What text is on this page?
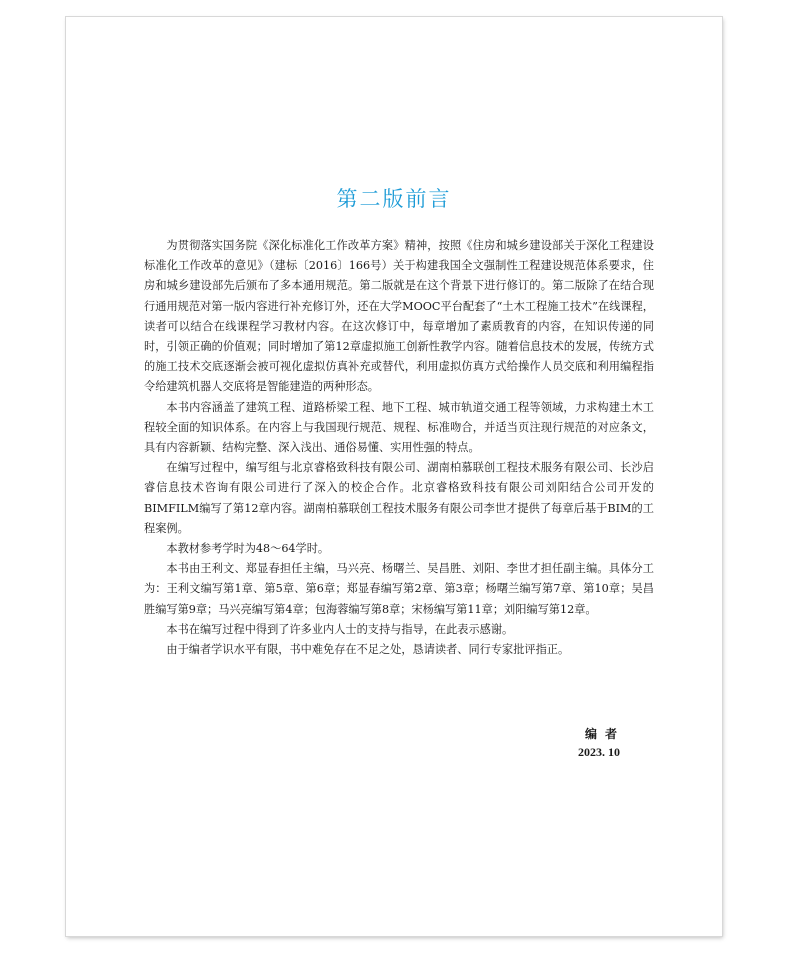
第二版前言

为贯彻落实国务院《深化标准化工作改革方案》精神，按照《住房和城乡建设部关于深化工程建设标准化工作改革的意见》（建标〔2016〕166号）关于构建我国全文强制性工程建设规范体系要求，住房和城乡建设部先后颁布了多本通用规范。第二版就是在这个背景下进行修订的。第二版除了在结合现行通用规范对第一版内容进行补充修订外，还在大学MOOC平台配套了“土木工程施工技术”在线课程，读者可以结合在线课程学习教材内容。在这次修订中，每章增加了素质教育的内容，在知识传递的同时，引领正确的价值观；同时增加了第12章虚拟施工创新性教学内容。随着信息技术的发展，传统方式的施工技术交底逐渐会被可视化虚拟仿真补充或替代，利用虚拟仿真方式给操作人员交底和利用编程指令给建筑机器人交底将是智能建造的两种形态。

本书内容涵盖了建筑工程、道路桥梁工程、地下工程、城市轨道交通工程等领域，力求构建土木工程较全面的知识体系。在内容上与我国现行规范、规程、标准吻合，并适当页注现行规范的对应条文，具有内容新颖、结构完整、深入浅出、通俗易懂、实用性强的特点。

在编写过程中，编写组与北京睿格致科技有限公司、湖南柏慕联创工程技术服务有限公司、长沙启睿信息技术咨询有限公司进行了深入的校企合作。北京睿格致科技有限公司刘阳结合公司开发的BIMFILM编写了第12章内容。湖南柏慕联创工程技术服务有限公司李世才提供了每章后基于BIM的工程案例。

本教材参考学时为48～64学时。

本书由王利文、郑显春担任主编，马兴亮、杨曙兰、吴昌胜、刘阳、李世才担任副主编。具体分工为：王利文编写第1章、第5章、第6章；郑显春编写第2章、第3章；杨曙兰编写第7章、第10章；吴昌胜编写第9章；马兴亮编写第4章；包海蓉编写第8章；宋杨编写第11章；刘阳编写第12章。

本书在编写过程中得到了许多业内人士的支持与指导，在此表示感谢。

由于编者学识水平有限，书中难免存在不足之处，恳请读者、同行专家批评指正。

编者
2023. 10
